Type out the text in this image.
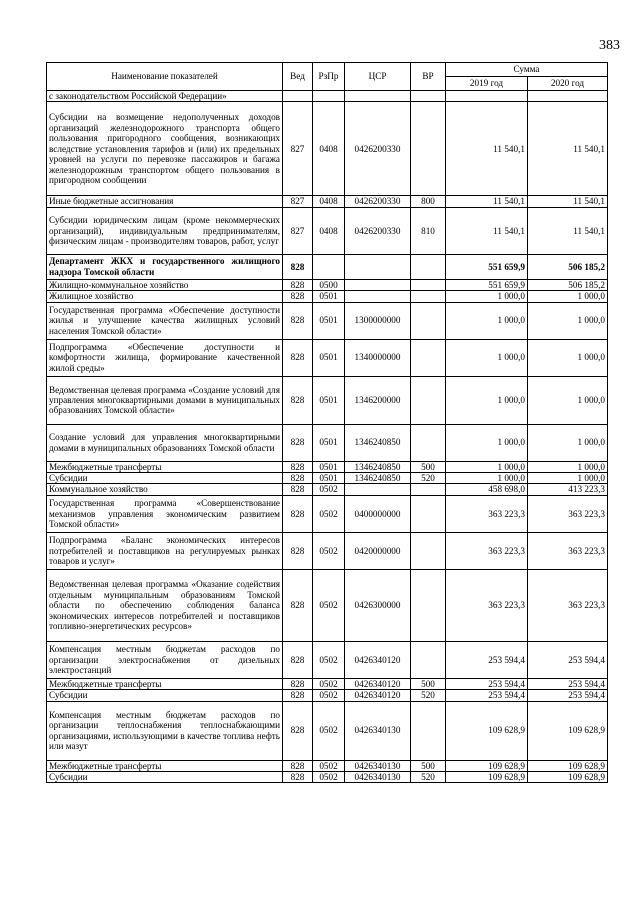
383
Наименование показателей	Вед	РзПр	ЦСР	ВР	Сумма	
					2019 год	2020 год
с законодательством Российской Федерации»						
Субсидии на возмещение недополученных доходов организаций железнодорожного транспорта общего пользования пригородного сообщения, возникающих вследствие установления тарифов и (или) их предельных уровней на услуги по перевозке пассажиров и багажа железнодорожным транспортом общего пользования в пригородном сообщении	827	0408	0426200330		11 540,1	11 540,1
Иные бюджетные ассигнования	827	0408	0426200330	800	11 540,1	11 540,1
Субсидии юридическим лицам (кроме некоммерческих организаций), индивидуальным предпринимателям, физическим лицам - производителям товаров, работ, услуг	827	0408	0426200330	810	11 540,1	11 540,1
Департамент ЖКХ и государственного жилищного надзора Томской области	828				551 659,9	506 185,2
Жилищно-коммунальное хозяйство	828	0500			551 659,9	506 185,2
Жилищное хозяйство	828	0501			1 000,0	1 000,0
Государственная программа «Обеспечение доступности жилья и улучшение качества жилищных условий населения Томской области»	828	0501	1300000000		1 000,0	1 000,0
Подпрограмма «Обеспечение доступности и комфортности жилища, формирование качественной жилой среды»	828	0501	1340000000		1 000,0	1 000,0
Ведомственная целевая программа «Создание условий для управления многоквартирными домами в муниципальных образованиях Томской области»	828	0501	1346200000		1 000,0	1 000,0
Создание условий для управления многоквартирными домами в муниципальных образованиях Томской области	828	0501	1346240850		1 000,0	1 000,0
Межбюджетные трансферты	828	0501	1346240850	500	1 000,0	1 000,0
Субсидии	828	0501	1346240850	520	1 000,0	1 000,0
Коммунальное хозяйство	828	0502			458 698,0	413 223,3
Государственная программа «Совершенствование механизмов управления экономическим развитием Томской области»	828	0502	0400000000		363 223,3	363 223,3
Подпрограмма «Баланс экономических интересов потребителей и поставщиков на регулируемых рынках товаров и услуг»	828	0502	0420000000		363 223,3	363 223,3
Ведомственная целевая программа «Оказание содействия отдельным муниципальным образованиям Томской области по обеспечению соблюдения баланса экономических интересов потребителей и поставщиков топливно-энергетических ресурсов»	828	0502	0426300000		363 223,3	363 223,3
Компенсация местным бюджетам расходов по организации электроснабжения от дизельных электростанций	828	0502	0426340120		253 594,4	253 594,4
Межбюджетные трансферты	828	0502	0426340120	500	253 594,4	253 594,4
Субсидии	828	0502	0426340120	520	253 594,4	253 594,4
Компенсация местным бюджетам расходов по организации теплоснабжения теплоснабжающими организациями, использующими в качестве топлива нефть или мазут	828	0502	0426340130		109 628,9	109 628,9
Межбюджетные трансферты	828	0502	0426340130	500	109 628,9	109 628,9
Субсидии	828	0502	0426340130	520	109 628,9	109 628,9
